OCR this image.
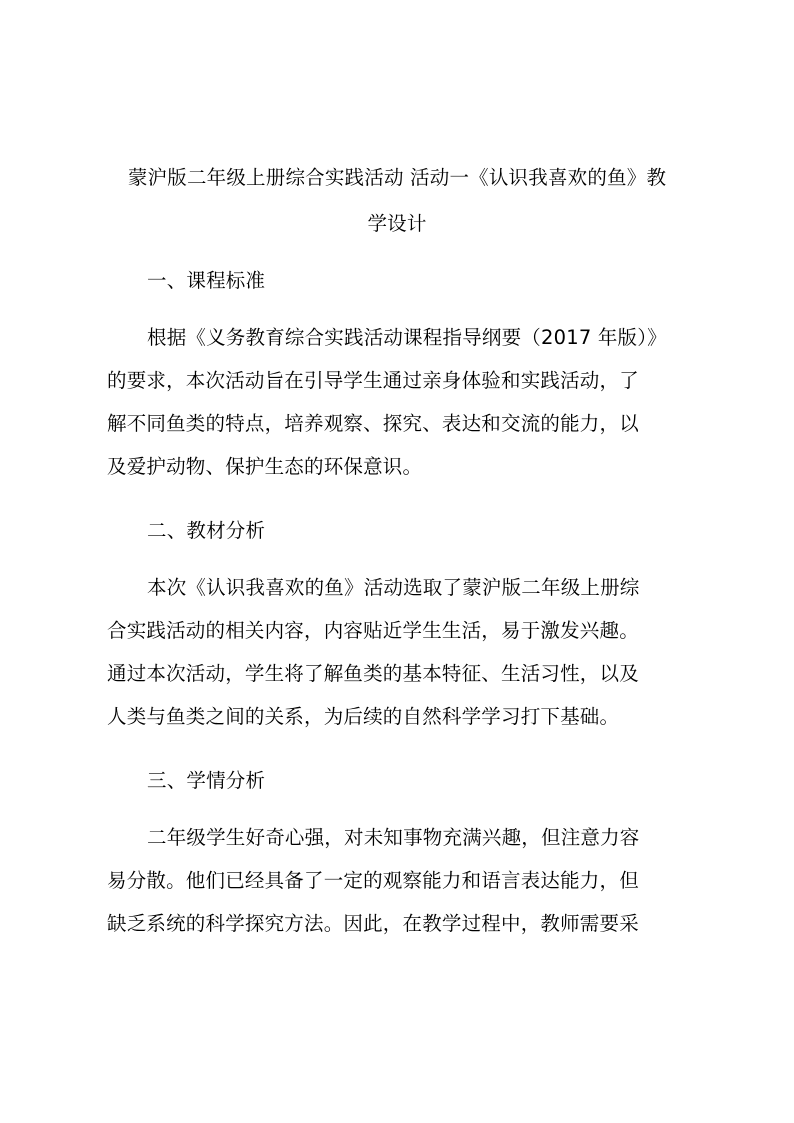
蒙沪版二年级上册综合实践活动 活动一《认识我喜欢的鱼》教
学设计
一、课程标准
根据《义务教育综合实践活动课程指导纲要（2017 年版）》
的要求，本次活动旨在引导学生通过亲身体验和实践活动，了
解不同鱼类的特点，培养观察、探究、表达和交流的能力，以
及爱护动物、保护生态的环保意识。
二、教材分析
本次《认识我喜欢的鱼》活动选取了蒙沪版二年级上册综
合实践活动的相关内容，内容贴近学生生活，易于激发兴趣。
通过本次活动，学生将了解鱼类的基本特征、生活习性，以及
人类与鱼类之间的关系，为后续的自然科学学习打下基础。
三、学情分析
二年级学生好奇心强，对未知事物充满兴趣，但注意力容
易分散。他们已经具备了一定的观察能力和语言表达能力，但
缺乏系统的科学探究方法。因此，在教学过程中，教师需要采
